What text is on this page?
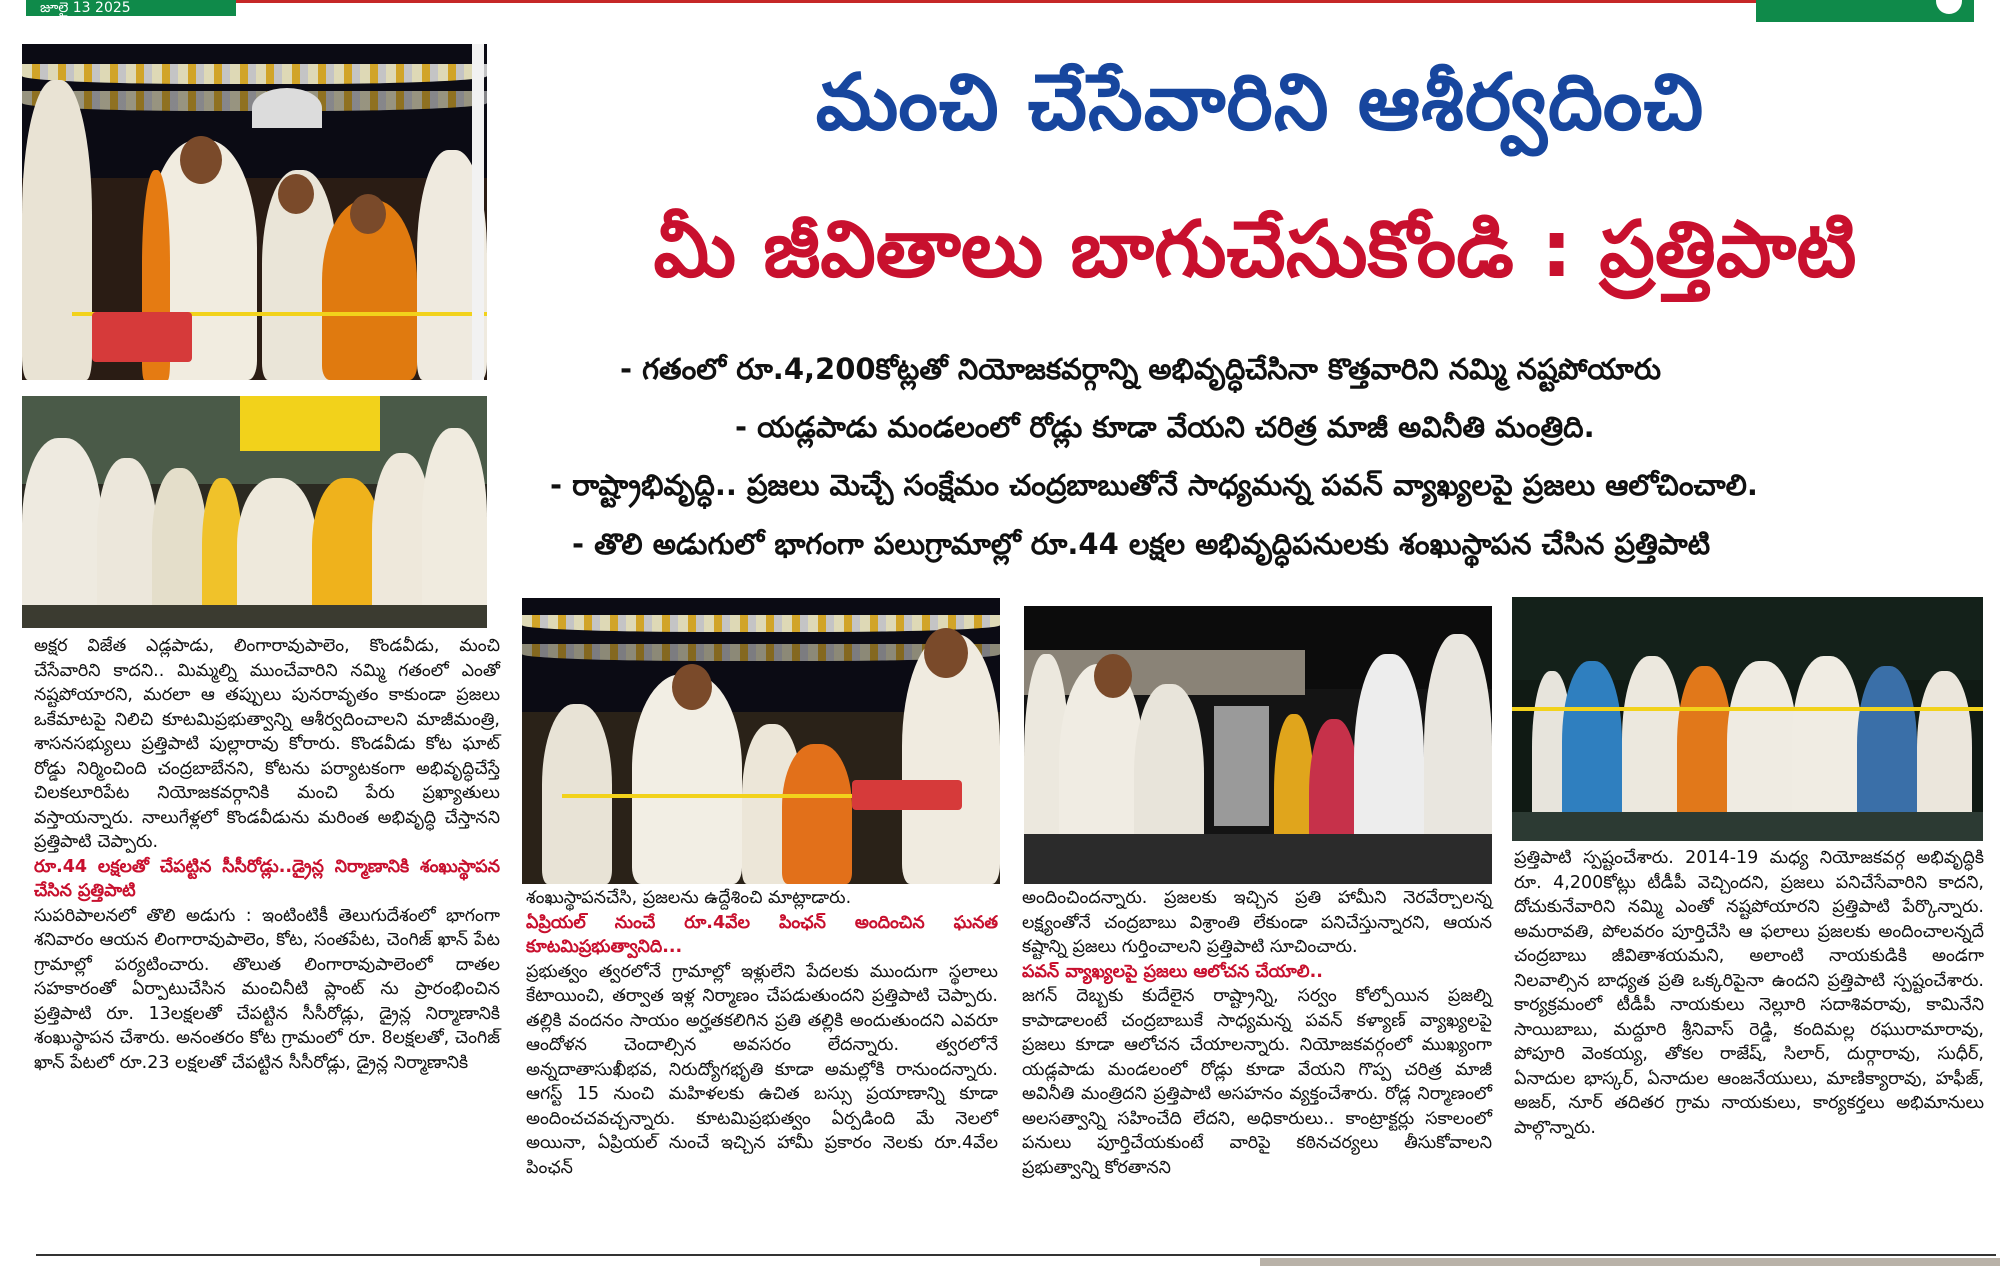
జూలై 13 2025
మంచి చేసేవారిని ఆశీర్వదించి
మీ జీవితాలు బాగుచేసుకోండి : ప్రత్తిపాటి
- గతంలో రూ.4,200కోట్లతో నియోజకవర్గాన్ని అభివృద్ధిచేసినా కొత్తవారిని నమ్మి నష్టపోయారు
- యడ్లపాడు మండలంలో రోడ్లు కూడా వేయని చరిత్ర మాజీ అవినీతి మంత్రిది.
- రాష్ట్రాభివృద్ధి.. ప్రజలు మెచ్చే సంక్షేమం చంద్రబాబుతోనే సాధ్యమన్న పవన్ వ్యాఖ్యలపై ప్రజలు ఆలోచించాలి.
- తొలి అడుగులో భాగంగా పలుగ్రామాల్లో రూ.44 లక్షల అభివృద్ధిపనులకు శంఖుస్థాపన చేసిన ప్రత్తిపాటి

అక్షర విజేత ఎడ్లపాడు, లింగారావుపాలెం, కొండవీడు, మంచి చేసేవారిని కాదని.. మిమ్మల్ని ముంచేవారిని నమ్మి గతంలో ఎంతో నష్టపోయారని, మరలా ఆ తప్పులు పునరావృతం కాకుండా ప్రజలు ఒకేమాటపై నిలిచి కూటమిప్రభుత్వాన్ని ఆశీర్వదించాలని మాజీమంత్రి, శాసనసభ్యులు ప్రత్తిపాటి పుల్లారావు కోరారు. కొండవీడు కోట ఘాట్ రోడ్డు నిర్మించింది చంద్రబాబేనని, కోటను పర్యాటకంగా అభివృద్ధిచేస్తే చిలకలూరిపేట నియోజకవర్గానికి మంచి పేరు ప్రఖ్యాతులు వస్తాయన్నారు. నాలుగేళ్లలో కొండవీడును మరింత అభివృద్ధి చేస్తానని ప్రత్తిపాటి చెప్పారు.

రూ.44 లక్షలతో చేపట్టిన సీసీరోడ్లు..డ్రైన్ల నిర్మాణానికి శంఖుస్థాపన చేసిన ప్రత్తిపాటి

సుపరిపాలనలో తొలి అడుగు : ఇంటింటికీ తెలుగుదేశంలో భాగంగా శనివారం ఆయన లింగారావుపాలెం, కోట, సంతపేట, చెంగిజ్ ఖాన్ పేట గ్రామాల్లో పర్యటించారు. తొలుత లింగారావుపాలెంలో దాతల సహకారంతో ఏర్పాటుచేసిన మంచినీటి ప్లాంట్ ను ప్రారంభించిన ప్రత్తిపాటి రూ. 13లక్షలతో చేపట్టిన సీసీరోడ్లు, డ్రైన్ల నిర్మాణానికి శంఖుస్థాపన చేశారు. అనంతరం కోట గ్రామంలో రూ. 8లక్షలతో, చెంగిజ్ ఖాన్ పేటలో రూ.23 లక్షలతో చేపట్టిన సీసీరోడ్లు, డ్రైన్ల నిర్మాణానికి

శంఖుస్థాపనచేసి, ప్రజలను ఉద్దేశించి మాట్లాడారు.

ఏప్రియల్ నుంచే రూ.4వేల పింఛన్ అందించిన ఘనత కూటమిప్రభుత్వానిది...

ప్రభుత్వం త్వరలోనే గ్రామాల్లో ఇళ్లులేని పేదలకు ముందుగా స్థలాలు కేటాయించి, తర్వాత ఇళ్ల నిర్మాణం చేపడుతుందని ప్రత్తిపాటి చెప్పారు. తల్లికి వందనం సాయం అర్హతకలిగిన ప్రతి తల్లికి అందుతుందని ఎవరూ ఆందోళన చెందాల్సిన అవసరం లేదన్నారు. త్వరలోనే అన్నదాతాసుఖీభవ, నిరుద్యోగభృతి కూడా అమల్లోకి రానుందన్నారు. ఆగస్ట్ 15 నుంచి మహిళలకు ఉచిత బస్సు ప్రయాణాన్ని కూడా అందించచవచ్చన్నారు. కూటమిప్రభుత్వం ఏర్పడింది మే నెలలో అయినా, ఏప్రియల్ నుంచే ఇచ్చిన హామీ ప్రకారం నెలకు రూ.4వేల పింఛన్

అందించిందన్నారు. ప్రజలకు ఇచ్చిన ప్రతి హామీని నెరవేర్చాలన్న లక్ష్యంతోనే చంద్రబాబు విశ్రాంతి లేకుండా పనిచేస్తున్నారని, ఆయన కష్టాన్ని ప్రజలు గుర్తించాలని ప్రత్తిపాటి సూచించారు.

పవన్ వ్యాఖ్యలపై ప్రజలు ఆలోచన చేయాలి..

జగన్ దెబ్బకు కుదేలైన రాష్ట్రాన్ని, సర్వం కోల్పోయిన ప్రజల్ని కాపాడాలంటే చంద్రబాబుకే సాధ్యమన్న పవన్ కళ్యాణ్ వ్యాఖ్యలపై ప్రజలు కూడా ఆలోచన చేయాలన్నారు. నియోజకవర్గంలో ముఖ్యంగా యడ్లపాడు మండలంలో రోడ్లు కూడా వేయని గొప్ప చరిత్ర మాజీ అవినీతి మంత్రిదని ప్రత్తిపాటి అసహనం వ్యక్తంచేశారు. రోడ్ల నిర్మాణంలో అలసత్వాన్ని సహించేది లేదని, అధికారులు.. కాంట్రాక్టర్లు సకాలంలో పనులు పూర్తిచేయకుంటే వారిపై కఠినచర్యలు తీసుకోవాలని ప్రభుత్వాన్ని కోరతానని

ప్రత్తిపాటి స్పష్టంచేశారు. 2014-19 మధ్య నియోజకవర్గ అభివృద్ధికి రూ. 4,200కోట్లు టీడీపీ వెచ్చిందని, ప్రజలు పనిచేసేవారిని కాదని, దోచుకునేవారిని నమ్మి ఎంతో నష్టపోయారని ప్రత్తిపాటి పేర్కొన్నారు. అమరావతి, పోలవరం పూర్తిచేసి ఆ ఫలాలు ప్రజలకు అందించాలన్నదే చంద్రబాబు జీవితాశయమని, అలాంటి నాయకుడికి అండగా నిలవాల్సిన బాధ్యత ప్రతి ఒక్కరిపైనా ఉందని ప్రత్తిపాటి స్పష్టంచేశారు. కార్యక్రమంలో టీడీపీ నాయకులు నెల్లూరి సదాశివరావు, కామినేని సాయిబాబు, మద్దూరి శ్రీనివాస్ రెడ్డి, కందిమల్ల రఘురామారావు, పోపూరి వెంకయ్య, తోకల రాజేష్, సిలార్, దుర్గారావు, సుధీర్, ఏనాదుల భాస్కర్, ఏనాదుల ఆంజనేయులు, మాణిక్యారావు, హఫీజ్, అజర్, నూర్ తదితర గ్రామ నాయకులు, కార్యకర్తలు అభిమానులు పాల్గొన్నారు.
